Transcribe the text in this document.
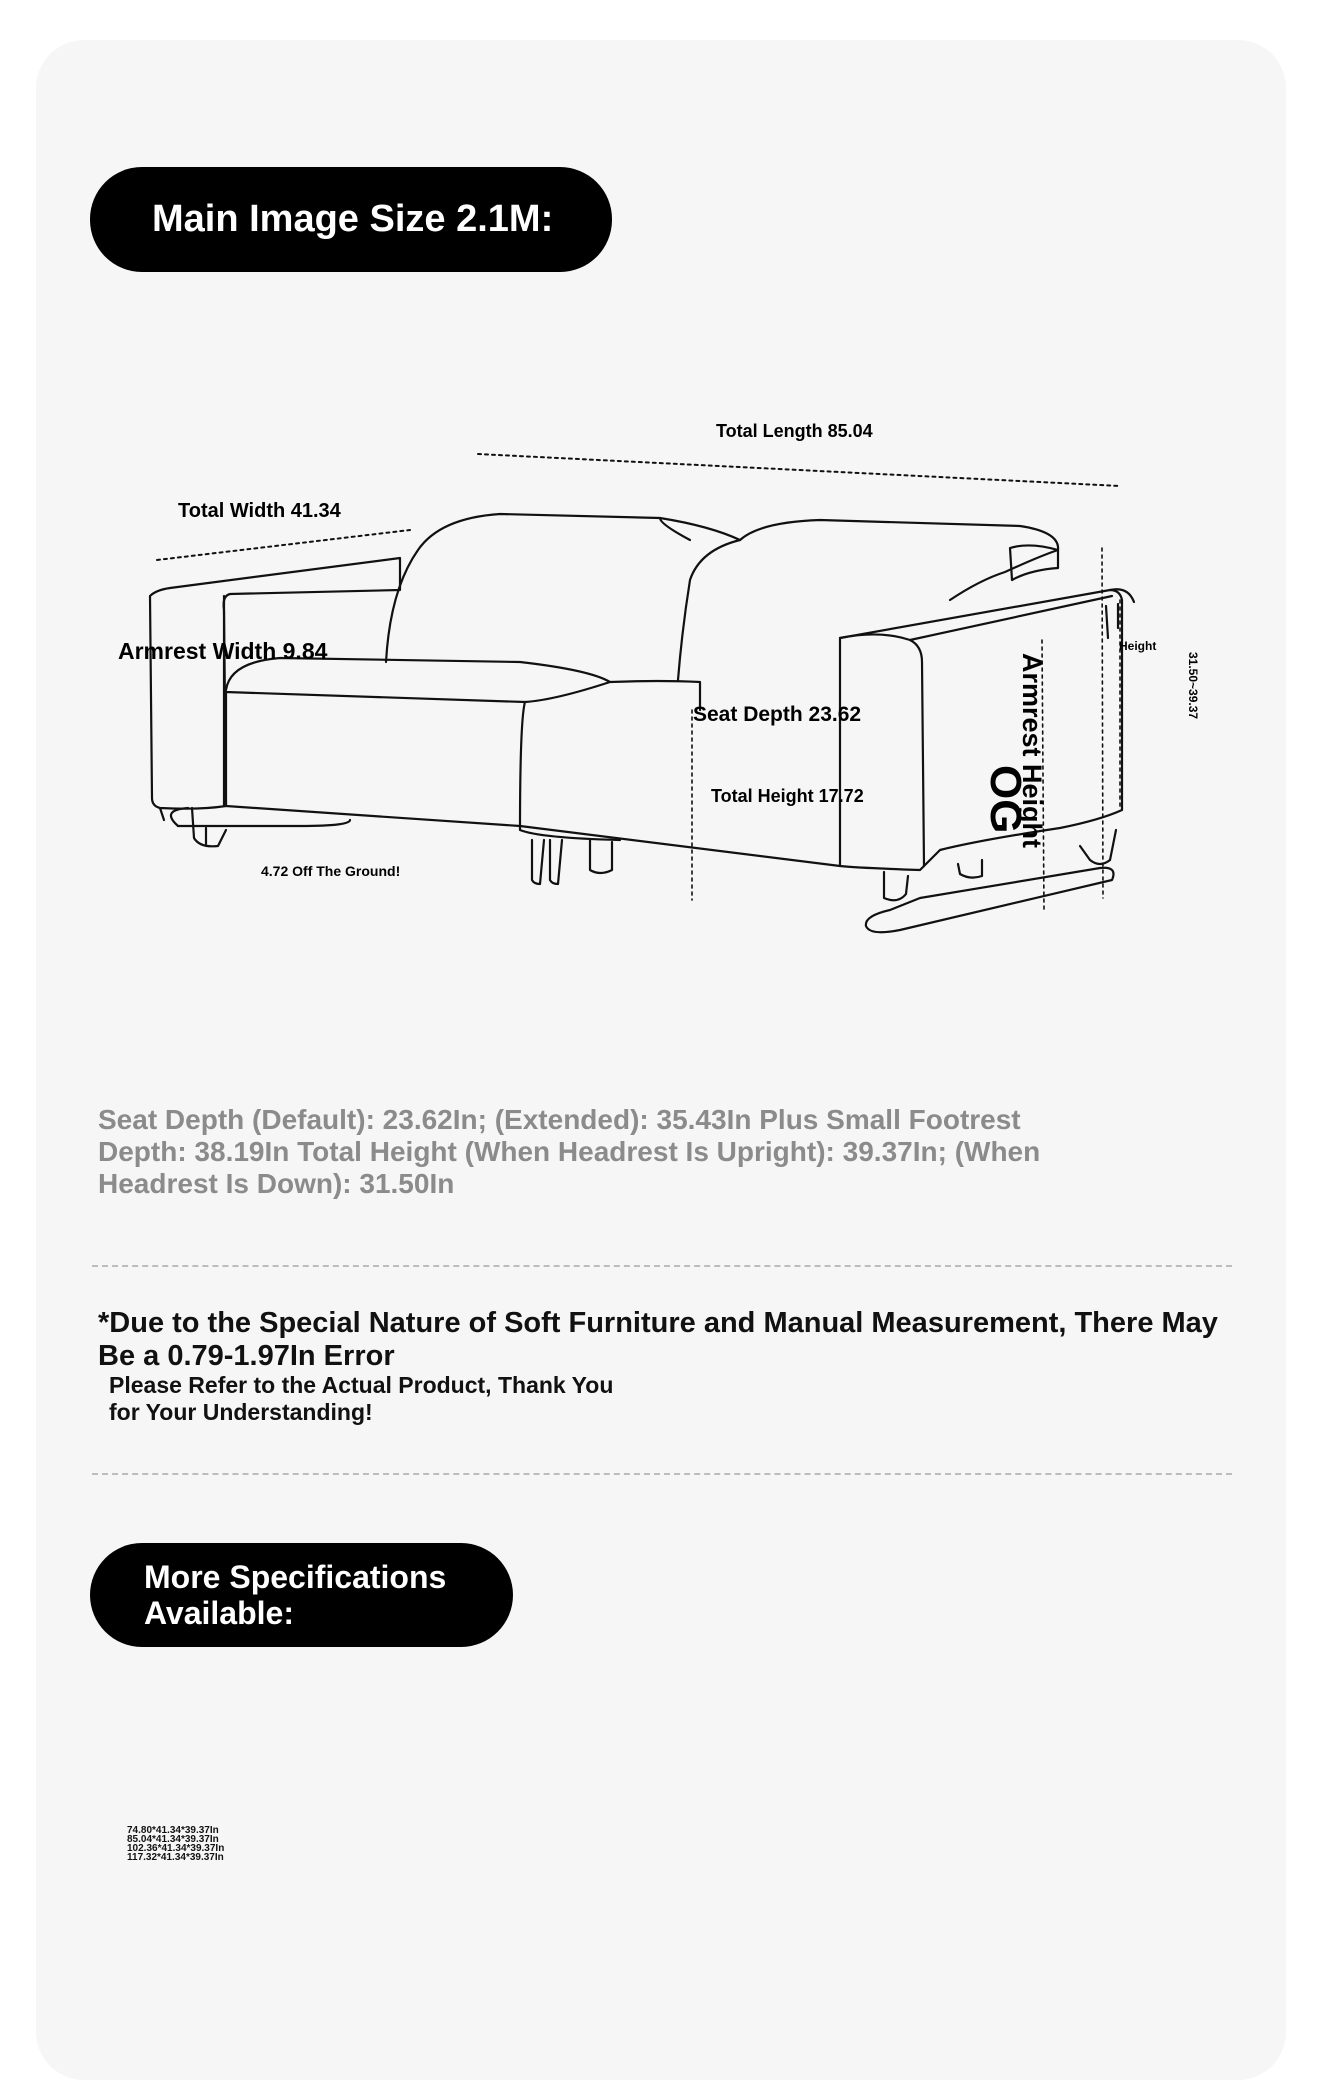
Main Image Size 2.1M:
Total Length 85.04
Total Width 41.34
Armrest Width 9.84
Seat Depth 23.62
Total Height 17.72
4.72 Off The Ground!
Height
Armrest Height
OG
31.50~39.37
Seat Depth (Default): 23.62In; (Extended): 35.43In Plus Small Footrest Depth: 38.19In Total Height (When Headrest Is Upright): 39.37In; (When Headrest Is Down): 31.50In
*Due to the Special Nature of Soft Furniture and Manual Measurement, There May Be a 0.79-1.97In Error
Please Refer to the Actual Product, Thank You for Your Understanding!
More Specifications Available:
74.80*41.34*39.37In
85.04*41.34*39.37In
102.36*41.34*39.37In
117.32*41.34*39.37In
